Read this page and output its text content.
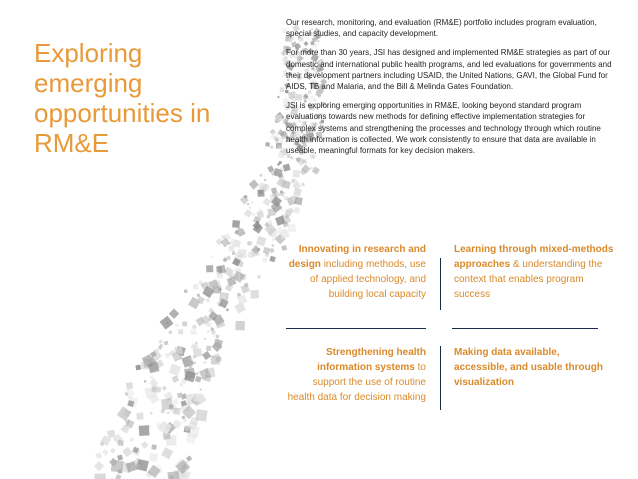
Exploring
emerging
opportunities in
RM&E

Our research, monitoring, and evaluation (RM&E) portfolio includes program evaluation, special studies, and capacity development.

For more than 30 years, JSI has designed and implemented RM&E strategies as part of our domestic and international public health programs, and led evaluations for governments and their development partners including USAID, the United Nations, GAVI, the Global Fund for AIDS, TB and Malaria, and the Bill & Melinda Gates Foundation.

JSI is exploring emerging opportunities in RM&E, looking beyond standard program evaluations towards new methods for defining effective implementation strategies for complex systems and strengthening the processes and technology through which routine health information is collected. We work consistently to ensure that data are available in useable, meaningful formats for key decision makers.

Innovating in research and design including methods, use of applied technology, and building local capacity
Learning through mixed-methods approaches & understanding the context that enables program success
Strengthening health information systems to support the use of routine health data for decision making
Making data available, accessible, and usable through visualization
